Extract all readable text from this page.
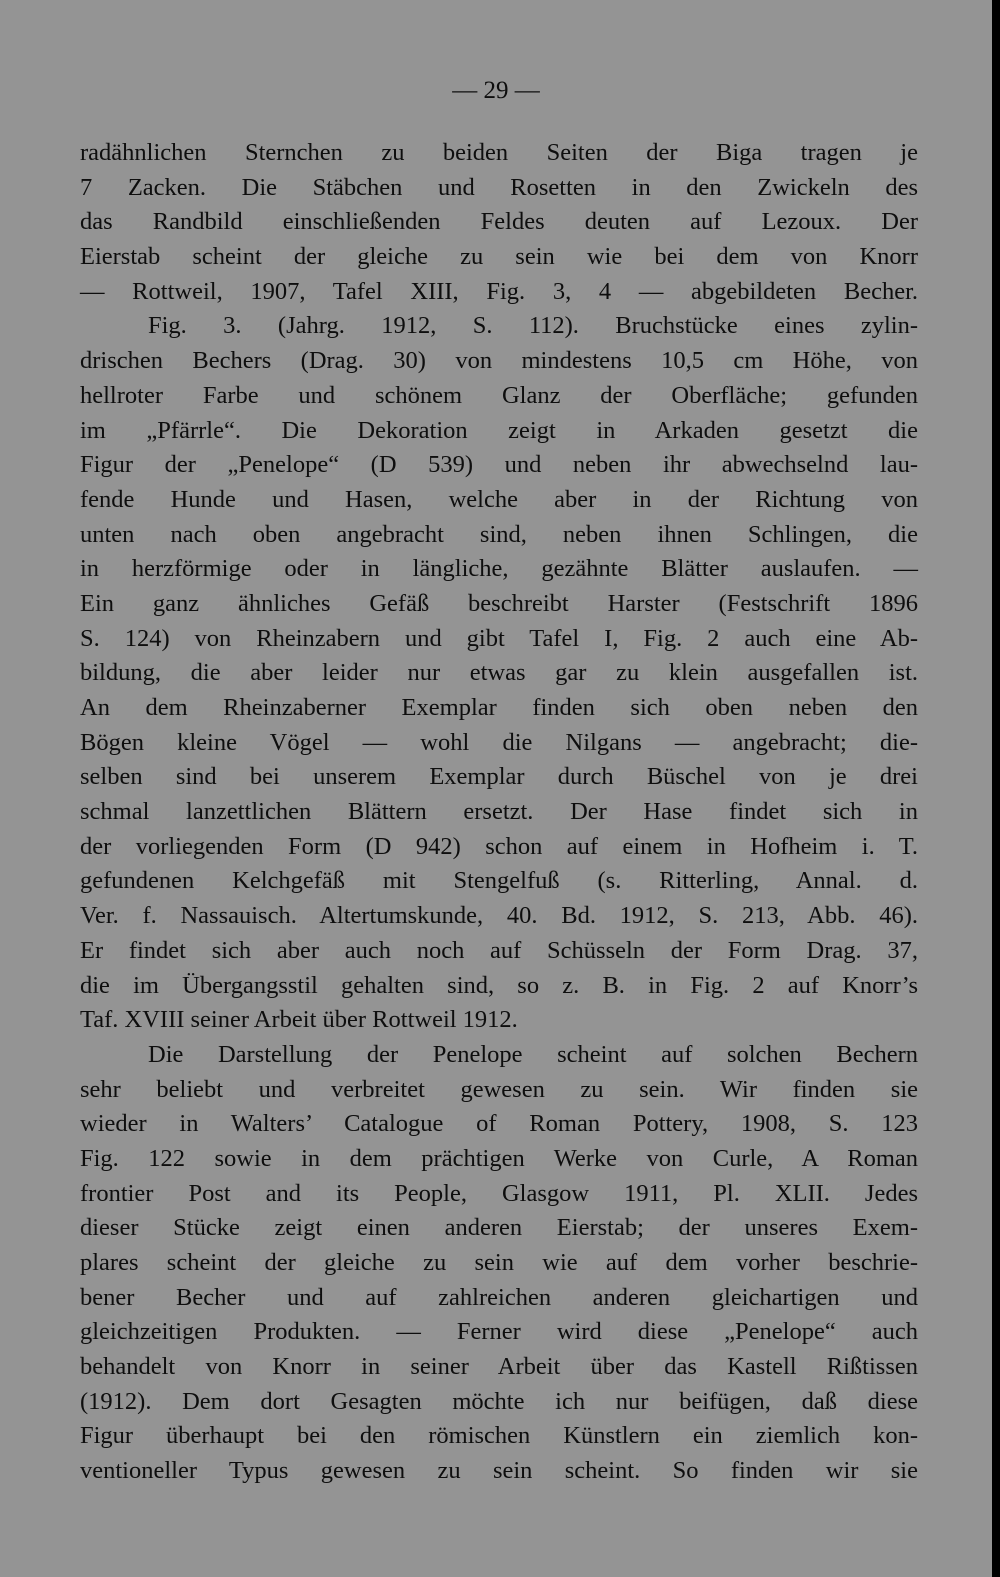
— 29 —

radähnlichen Sternchen zu beiden Seiten der Biga tragen je
7 Zacken. Die Stäbchen und Rosetten in den Zwickeln des
das Randbild einschließenden Feldes deuten auf Lezoux. Der
Eierstab scheint der gleiche zu sein wie bei dem von Knorr
— Rottweil, 1907, Tafel XIII, Fig. 3, 4 — abgebildeten Becher.
Fig. 3. (Jahrg. 1912, S. 112). Bruchstücke eines zylin-
drischen Bechers (Drag. 30) von mindestens 10,5 cm Höhe, von
hellroter Farbe und schönem Glanz der Oberfläche; gefunden
im „Pfärrle“. Die Dekoration zeigt in Arkaden gesetzt die
Figur der „Penelope“ (D 539) und neben ihr abwechselnd lau-
fende Hunde und Hasen, welche aber in der Richtung von
unten nach oben angebracht sind, neben ihnen Schlingen, die
in herzförmige oder in längliche, gezähnte Blätter auslaufen. —
Ein ganz ähnliches Gefäß beschreibt Harster (Festschrift 1896
S. 124) von Rheinzabern und gibt Tafel I, Fig. 2 auch eine Ab-
bildung, die aber leider nur etwas gar zu klein ausgefallen ist.
An dem Rheinzaberner Exemplar finden sich oben neben den
Bögen kleine Vögel — wohl die Nilgans — angebracht; die-
selben sind bei unserem Exemplar durch Büschel von je drei
schmal lanzettlichen Blättern ersetzt. Der Hase findet sich in
der vorliegenden Form (D 942) schon auf einem in Hofheim i. T.
gefundenen Kelchgefäß mit Stengelfuß (s. Ritterling, Annal. d.
Ver. f. Nassauisch. Altertumskunde, 40. Bd. 1912, S. 213, Abb. 46).
Er findet sich aber auch noch auf Schüsseln der Form Drag. 37,
die im Übergangsstil gehalten sind, so z. B. in Fig. 2 auf Knorr’s
Taf. XVIII seiner Arbeit über Rottweil 1912.
Die Darstellung der Penelope scheint auf solchen Bechern
sehr beliebt und verbreitet gewesen zu sein. Wir finden sie
wieder in Walters’ Catalogue of Roman Pottery, 1908, S. 123
Fig. 122 sowie in dem prächtigen Werke von Curle, A Roman
frontier Post and its People, Glasgow 1911, Pl. XLII. Jedes
dieser Stücke zeigt einen anderen Eierstab; der unseres Exem-
plares scheint der gleiche zu sein wie auf dem vorher beschrie-
bener Becher und auf zahlreichen anderen gleichartigen und
gleichzeitigen Produkten. — Ferner wird diese „Penelope“ auch
behandelt von Knorr in seiner Arbeit über das Kastell Rißtissen
(1912). Dem dort Gesagten möchte ich nur beifügen, daß diese
Figur überhaupt bei den römischen Künstlern ein ziemlich kon-
ventioneller Typus gewesen zu sein scheint. So finden wir sie
